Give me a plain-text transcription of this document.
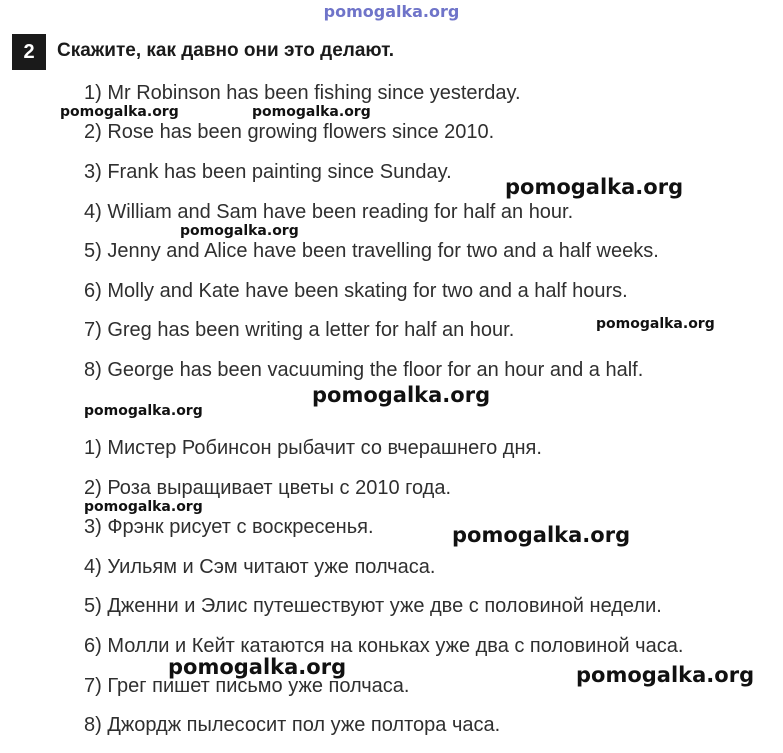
pomogalka.org
2	Скажите, как давно они это делают.
1) Mr Robinson has been fishing since yesterday.
2) Rose has been growing flowers since 2010.
3) Frank has been painting since Sunday.
4) William and Sam have been reading for half an hour.
5) Jenny and Alice have been travelling for two and a half weeks.
6) Molly and Kate have been skating for two and a half hours.
7) Greg has been writing a letter for half an hour.
8) George has been vacuuming the floor for an hour and a half.
1) Мистер Робинсон рыбачит со вчерашнего дня.
2) Роза выращивает цветы с 2010 года.
3) Фрэнк рисует с воскресенья.
4) Уильям и Сэм читают уже полчаса.
5) Дженни и Элис путешествуют уже две с половиной недели.
6) Молли и Кейт катаются на коньках уже два с половиной часа.
7) Грег пишет письмо уже полчаса.
8) Джордж пылесосит пол уже полтора часа.
pomogalka.org	pomogalka.org
pomogalka.org
pomogalka.org
pomogalka.org
pomogalka.org
pomogalka.org
pomogalka.org
pomogalka.org
pomogalka.org	pomogalka.org
